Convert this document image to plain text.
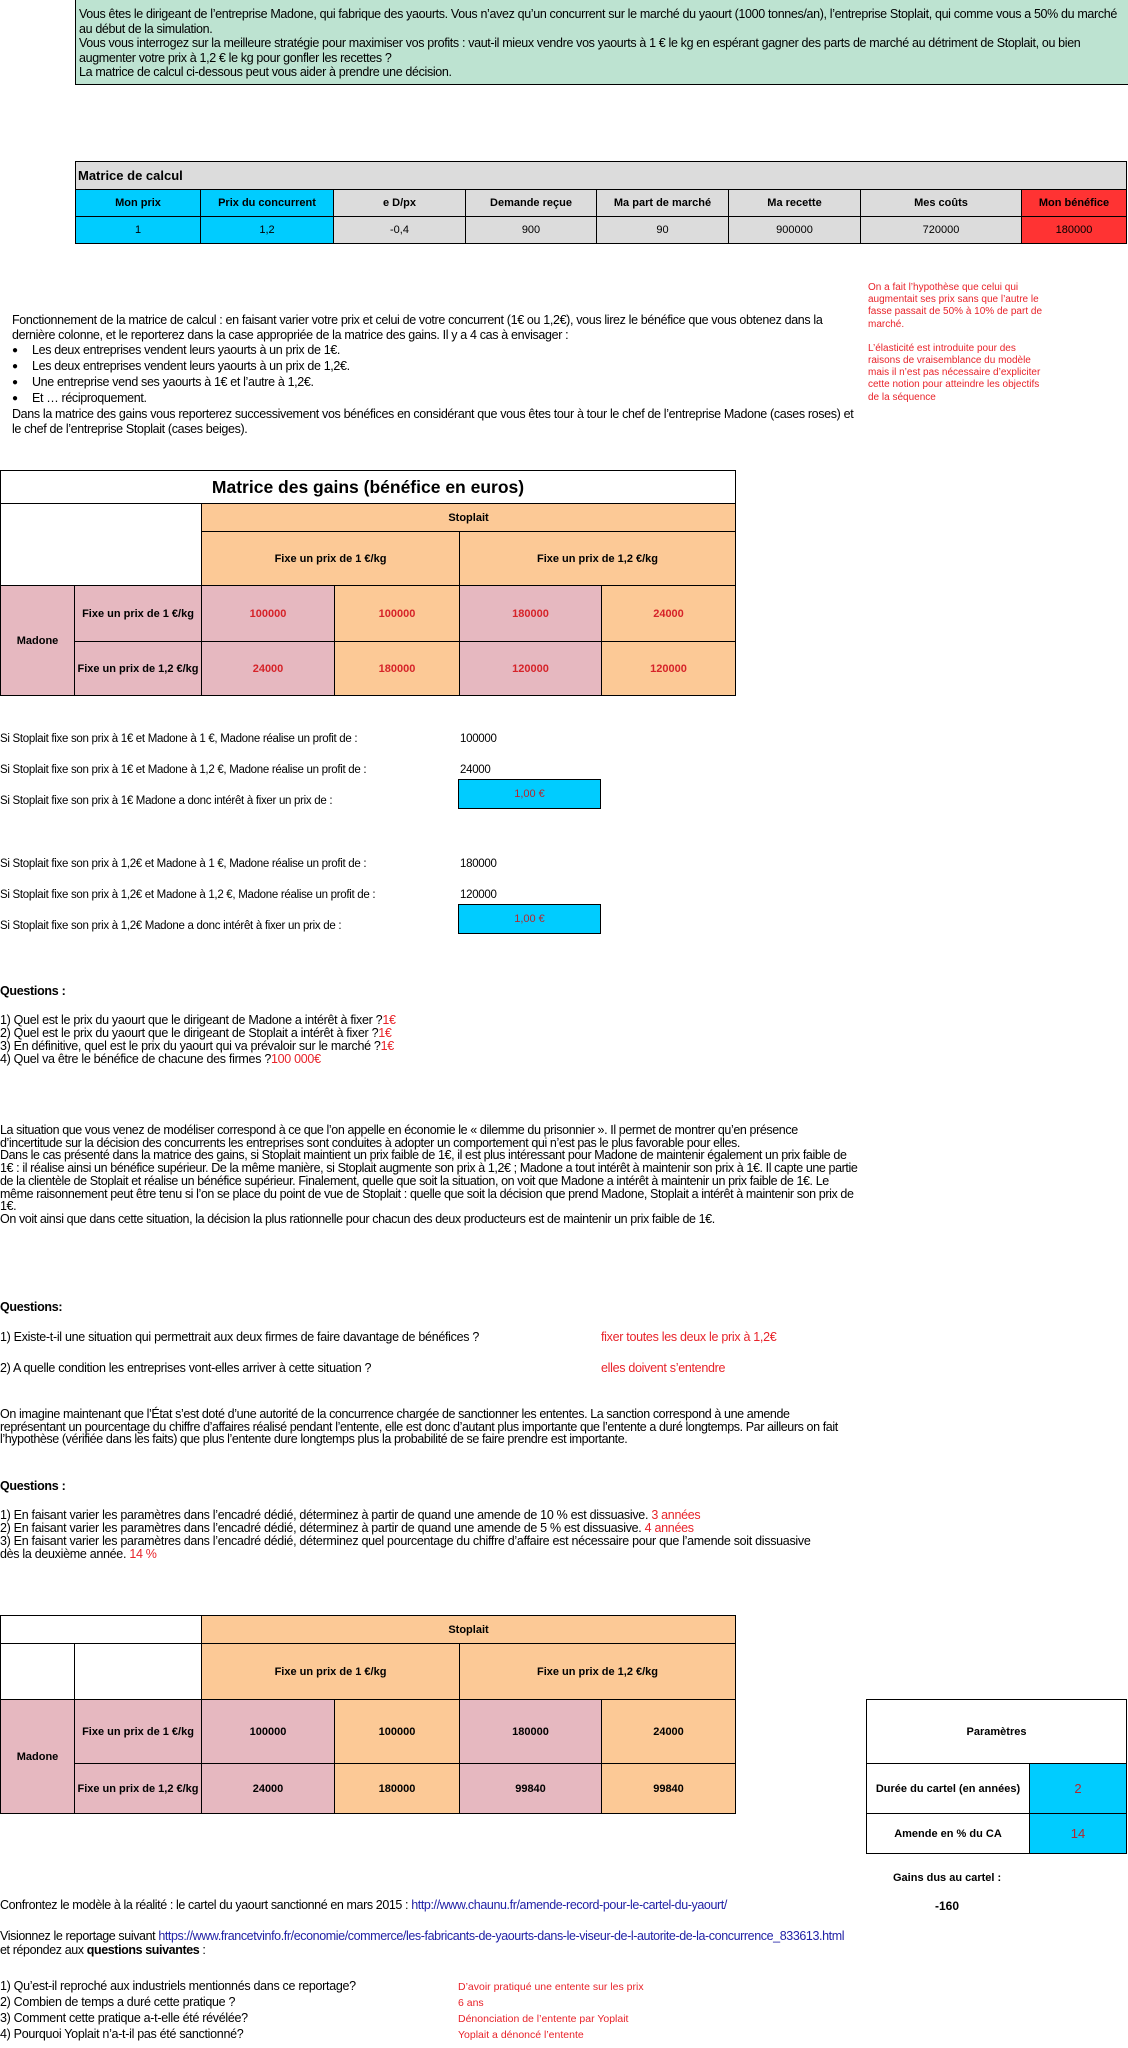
Vous êtes le dirigeant de l’entreprise Madone, qui fabrique des yaourts. Vous n’avez qu’un concurrent sur le marché du yaourt (1000 tonnes/an), l’entreprise Stoplait, qui comme vous a 50% du marché au début de la simulation.

Vous vous interrogez sur la meilleure stratégie pour maximiser vos profits : vaut-il mieux vendre vos yaourts à 1 € le kg en espérant gagner des parts de marché au détriment de Stoplait, ou bien augmenter votre prix à 1,2 € le kg pour gonfler les recettes ?

La matrice de calcul ci-dessous peut vous aider à prendre une décision.

Matrice de calcul							
Mon prix	Prix du concurrent	e D/px	Demande reçue	Ma part de marché	Ma recette	Mes coûts	Mon bénéfice
1	1,2	-0,4	900	90	900000	720000	180000

Fonctionnement de la matrice de calcul : en faisant varier votre prix et celui de votre concurrent (1€ ou 1,2€), vous lirez le bénéfice que vous obtenez dans la dernière colonne, et le reporterez dans la case appropriée de la matrice des gains. Il y a 4 cas à envisager :

● Les deux entreprises vendent leurs yaourts à un prix de 1€.
● Les deux entreprises vendent leurs yaourts à un prix de 1,2€.
● Une entreprise vend ses yaourts à 1€ et l’autre à 1,2€.
● Et … réciproquement.

Dans la matrice des gains vous reporterez successivement vos bénéfices en considérant que vous êtes tour à tour le chef de l’entreprise Madone (cases roses) et le chef de l’entreprise Stoplait (cases beiges).

On a fait l’hypothèse que celui qui augmentait ses prix sans que l’autre le fasse passait de 50% à 10% de part de marché.

L’élasticité est introduite pour des raisons de vraisemblance du modèle mais il n’est pas nécessaire d’expliciter cette notion pour atteindre les objectifs de la séquence

Matrice des gains (bénéfice en euros)					
		Stoplait			
		Fixe un prix de 1 €/kg		Fixe un prix de 1,2 €/kg	
Madone	Fixe un prix de 1 €/kg	100000	100000	180000	24000
	Fixe un prix de 1,2 €/kg	24000	180000	120000	120000
Si Stoplait fixe son prix à 1€ et Madone à 1 €, Madone réalise un profit de :	100000
Si Stoplait fixe son prix à 1€ et Madone à 1,2 €, Madone réalise un profit de :	24000
Si Stoplait fixe son prix à 1€ Madone a donc intérêt à fixer un prix de :
1,00 €
Si Stoplait fixe son prix à 1,2€ et Madone à 1 €, Madone réalise un profit de :	180000
Si Stoplait fixe son prix à 1,2€ et Madone à 1,2 €, Madone réalise un profit de :	120000
Si Stoplait fixe son prix à 1,2€ Madone a donc intérêt à fixer un prix de :
1,00 €
Questions :
1) Quel est le prix du yaourt que le dirigeant de Madone a intérêt à fixer ?1€
2) Quel est le prix du yaourt que le dirigeant de Stoplait a intérêt à fixer ?1€
3) En définitive, quel est le prix du yaourt qui va prévaloir sur le marché ?1€
4) Quel va être le bénéfice de chacune des firmes ?100 000€

La situation que vous venez de modéliser correspond à ce que l’on appelle en économie le « dilemme du prisonnier ». Il permet de montrer qu’en présence d’incertitude sur la décision des concurrents les entreprises sont conduites à adopter un comportement qui n’est pas le plus favorable pour elles.

Dans le cas présenté dans la matrice des gains, si Stoplait maintient un prix faible de 1€, il est plus intéressant pour Madone de maintenir également un prix faible de 1€ : il réalise ainsi un bénéfice supérieur. De la même manière, si Stoplait augmente son prix à 1,2€ ; Madone a tout intérêt à maintenir son prix à 1€. Il capte une partie de la clientèle de Stoplait et réalise un bénéfice supérieur. Finalement, quelle que soit la situation, on voit que Madone a intérêt à maintenir un prix faible de 1€. Le même raisonnement peut être tenu si l’on se place du point de vue de Stoplait : quelle que soit la décision que prend Madone, Stoplait a intérêt à maintenir son prix de 1€.

On voit ainsi que dans cette situation, la décision la plus rationnelle pour chacun des deux producteurs est de maintenir un prix faible de 1€.

Questions:
1) Existe-t-il une situation qui permettrait aux deux firmes de faire davantage de bénéfices ?	fixer toutes les deux le prix à 1,2€
2) A quelle condition les entreprises vont-elles arriver à cette situation ?	elles doivent s’entendre
On imagine maintenant que l’État s’est doté d’une autorité de la concurrence chargée de sanctionner les ententes. La sanction correspond à une amende représentant un pourcentage du chiffre d’affaires réalisé pendant l’entente, elle est donc d’autant plus importante que l’entente a duré longtemps. Par ailleurs on fait l’hypothèse (vérifiée dans les faits) que plus l’entente dure longtemps plus la probabilité de se faire prendre est importante.
Questions :
1) En faisant varier les paramètres dans l’encadré dédié, déterminez à partir de quand une amende de 10 % est dissuasive. 3 années
2) En faisant varier les paramètres dans l’encadré dédié, déterminez à partir de quand une amende de 5 % est dissuasive. 4 années
3) En faisant varier les paramètres dans l’encadré dédié, déterminez quel pourcentage du chiffre d’affaire est nécessaire pour que l’amende soit dissuasive dès la deuxième année. 14 %
		Stoplait			
		Fixe un prix de 1 €/kg		Fixe un prix de 1,2 €/kg	
Madone	Fixe un prix de 1 €/kg	100000	100000	180000	24000
	Fixe un prix de 1,2 €/kg	24000	180000	99840	99840
Paramètres	
Durée du cartel (en années)	2
Amende en % du CA	14
Gains dus au cartel :
-160
Confrontez le modèle à la réalité : le cartel du yaourt sanctionné en mars 2015 : http://www.chaunu.fr/amende-record-pour-le-cartel-du-yaourt/
Visionnez le reportage suivant https://www.francetvinfo.fr/economie/commerce/les-fabricants-de-yaourts-dans-le-viseur-de-l-autorite-de-la-concurrence_833613.html
et répondez aux questions suivantes :
1) Qu’est-il reproché aux industriels mentionnés dans ce reportage?	D’avoir pratiqué une entente sur les prix
2) Combien de temps a duré cette pratique ?	6 ans
3) Comment cette pratique a-t-elle été révélée?	Dénonciation de l’entente par Yoplait
4) Pourquoi Yoplait n’a-t-il pas été sanctionné?	Yoplait a dénoncé l’entente
